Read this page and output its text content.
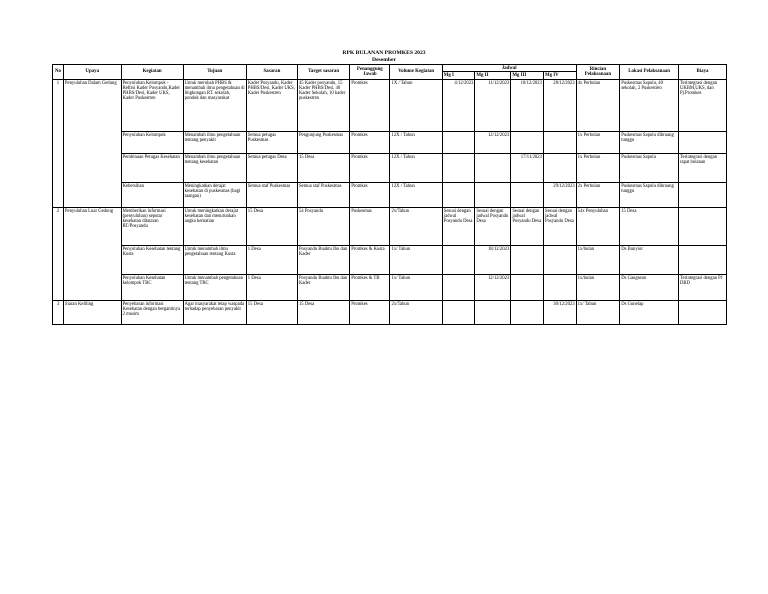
RPK BULANAN PROMKES 2023
Desember
No	Upaya	Kegiatan	Tujuan	Sasaran	Target sasaran	Penanggung Jawab	Volume Kegiatan	Jadwal				Rincian Pelaksanaan	Lokasi Pelaksanaan	Biaya
								Mg I	Mg II	Mg III	Mg IV			
1	Penyuluhan Dalam Gedung	Penyuluhan Kelompok - Reftrsi Kader Posyandu,Kader PHBS/Desi, Kader UKS, Kader Puskestren	Untuk merubah PHBS & menambah ilmu pengetahuan di lingkungan RT. sekolah, pondok dan masyarakat	Kader Posyandu, Kader PHBS/Desi, Kader UKS, Kader Puskestren	45 Kader posyandu, 15 Kader PHBS/Desi, 40 Kader Sekolah, 10 kader puskestren	Promkes	1X / Tahun	4/12/2023	11/12/2023	18/12/2023	28/12/2023	4x Perbulan	Puskesmas Sapulu, 40 sekolah, 2 Puskestren	Terintegrasi dengan UKBM,UKS, dan Pj.Promkes
		Penyuluhan Kelompok	Menambah ilmu pengetahuan tentang penyakit	Semua petugas Puskesmas	Pengunjung Puskesmas	Promkes	12X / Tahun		12/12/2023			1x Perbulan	Puskesmas Sapulu dibruang tunggu	
		Pembinaan Petugas Kesehatan	Menambah ilmu pengetahuan tentang kesehatan	Semua petugas Desa	15 Desa	Promkes	12X / Tahun			17/11/2023		1x Perbulan	Puskesmas Sapulu	Terintegrasi dengan rapat bulanan
		Kebersihan	Meningkatkan derajat kesehatan di puskesmas (bagi taangan)	Semua staf Puskesmas	Semua staf Puskesmas	Promkes	12X / Tahun				29/12/2023	2x Perbulan	Puskesmas Sapulu dibruang tunggu	
2	Penyuluhan Luar Gedung	Memberikan informasi (penyuluhan) seputar kesehatan ditataran RT/Posyandu	Untuk meningkatkan derajat kesehatan dan menurunkan angka kematian	15 Desa	54 Posyandu	Puskesmas	2x/Tahun	Sesuai dengan jadwal Posyandu Desa	Sesuai dengan jadwal Posyandu Desa	Sesuai dengan jadwal Posyandu Desa	Sesuai dengan jadwal Posyandu Desa	54x Penyuluhan	15 Desa	
		Penyuluhan Kesehatan tentang Kusta	Untuk menambah ilmu pengetahuan tentang Kusta	1 Desa	Posyandu Buahtu Ibu dan Kader	Promkes & Kusta	1x/ Tahun		18/12/2023			1x/bulan	Ds Bunyior	
		Penyuluhan Kesehatan kelompok TBC	Untuk menambah pengetahuan tentang TBC	1 Desa	Posyandu Buahtu Ibu dan Kader	Promkes & TB	1x/ Tahun		12/12/2023			1x/bulan	Ds Gangsean	Terintegrasi dengan PJ DBD
3	Siaran Keliling	Penyebaran informasi Kesehatan dengan bergantinya 2 musim	Agar masyarakat tetap waspada terhadap penyebaran penyakit	15 Desa	15 Desa	Promkes	2x/Tahun				30/12/2023	1x/ Tahun	Ds Gunelap	
